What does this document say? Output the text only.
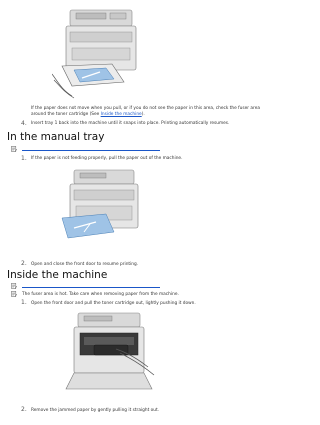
If the paper does not move when you pull, or if you do not see the paper in this area, check the fuser area
around the toner cartridge (See Inside the machine).
4. Insert tray 1 back into the machine until it snaps into place. Printing automatically resumes.
In the manual tray
1. If the paper is not feeding properly, pull the paper out of the machine.
2. Open and close the front door to resume printing.
Inside the machine
The fuser area is hot. Take care when removing paper from the machine.
1. Open the front door and pull the toner cartridge out, lightly pushing it down.
2. Remove the jammed paper by gently pulling it straight out.
